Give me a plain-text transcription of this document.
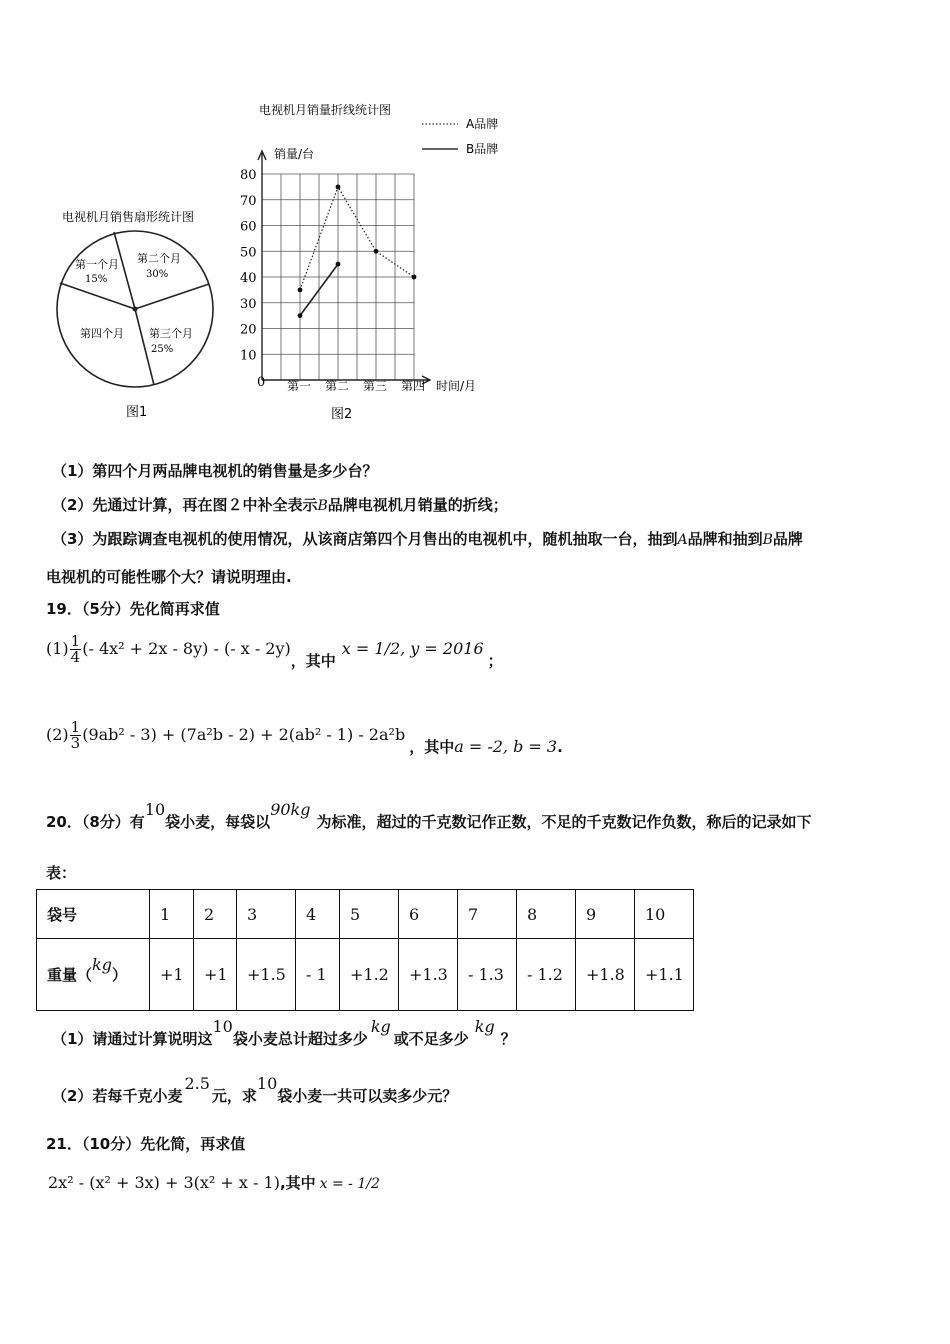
电视机月销售扇形统计图
第一个月
15%
第二个月
30%
第三个月
25%
第四个月
图1
电视机月销量折线统计图
A品牌
B品牌
销量/台
10
20
30
40
50
60
70
80
第一 第二 第三 第四
0	时间/月
图2
（1）第四个月两品牌电视机的销售量是多少台？
（2）先通过计算，再在图２中补全表示B品牌电视机月销量的折线；
（3）为跟踪调查电视机的使用情况，从该商店第四个月售出的电视机中，随机抽取一台，抽到A品牌和抽到B品牌
电视机的可能性哪个大？请说明理由.
19．（5分）先化简再求值
$(1) \frac{1}{4}$ (- 4x² + 2x - 8y) - (- x - 2y)，其中x = 1/2, y = 2016；
$(2) \frac{1}{3} (9ab^2 - 3) + (7a^2b - 2) + 2(ab^2 - 1) - 2a^2b$，其中a = -2, b = 3.
20．（8分）有10袋小麦，每袋以90kg为标准，超过的千克数记作正数，不足的千克数记作负数，称后的记录如下
表：
袋号	1	2	3	4	5	6	7	8	9	10
重量（kg）	+1	+1	+1.5	- 1	+1.2	+1.3	- 1.3	- 1.2	+1.8	+1.1
（1）请通过计算说明这10袋小麦总计超过多少kg或不足多少kg？
（2）若每千克小麦2.5元，求10袋小麦一共可以卖多少元？
21．（10分）先化简，再求值
2x² - (x² + 3x) + 3(x² + x - 1),其中 x = - 1/2
